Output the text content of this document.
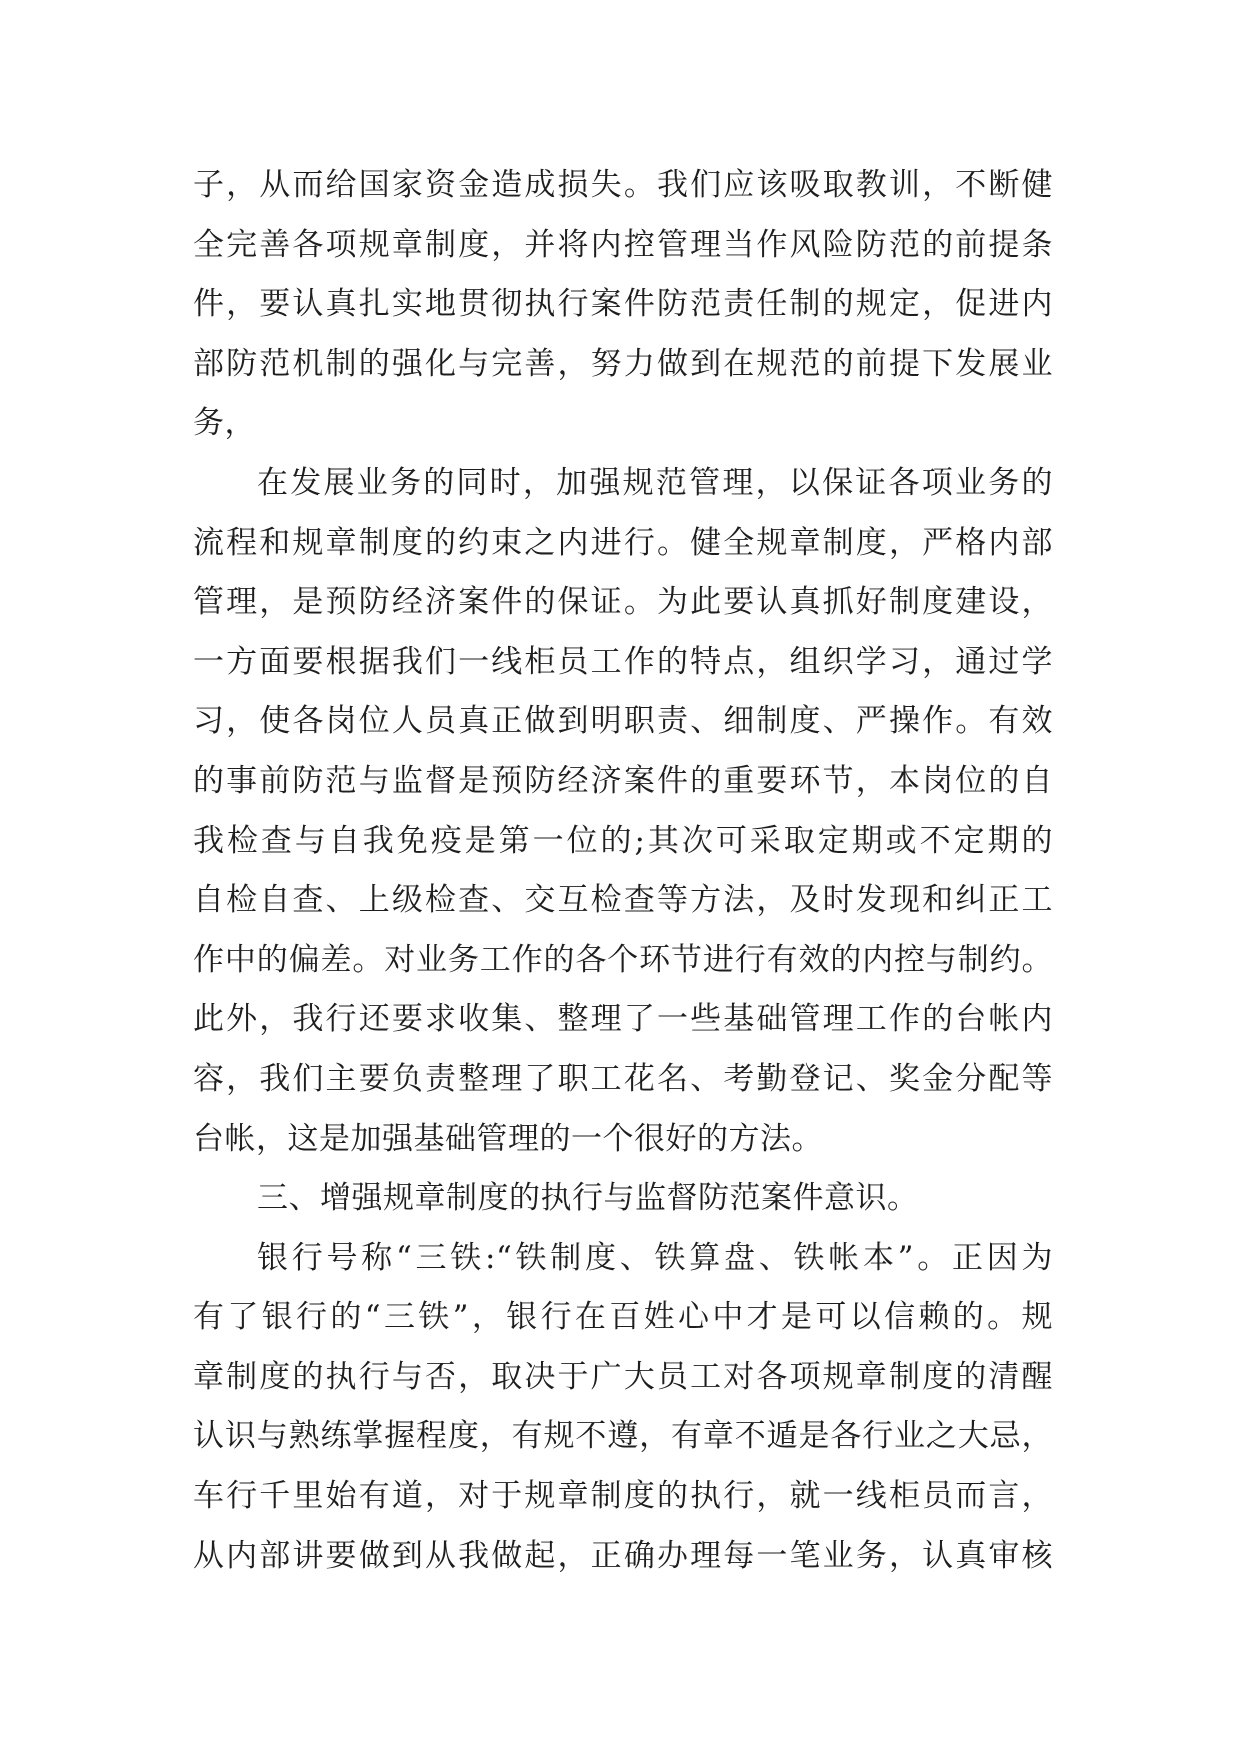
子，从而给国家资金造成损失。我们应该吸取教训，不断健
全完善各项规章制度，并将内控管理当作风险防范的前提条
件，要认真扎实地贯彻执行案件防范责任制的规定，促进内
部防范机制的强化与完善，努力做到在规范的前提下发展业
务，
在发展业务的同时，加强规范管理，以保证各项业务的
流程和规章制度的约束之内进行。健全规章制度，严格内部
管理，是预防经济案件的保证。为此要认真抓好制度建设，
一方面要根据我们一线柜员工作的特点，组织学习，通过学
习，使各岗位人员真正做到明职责、细制度、严操作。有效
的事前防范与监督是预防经济案件的重要环节，本岗位的自
我检查与自我免疫是第一位的;其次可采取定期或不定期的
自检自查、上级检查、交互检查等方法，及时发现和纠正工
作中的偏差。对业务工作的各个环节进行有效的内控与制约。
此外，我行还要求收集、整理了一些基础管理工作的台帐内
容，我们主要负责整理了职工花名、考勤登记、奖金分配等
台帐，这是加强基础管理的一个很好的方法。
三、增强规章制度的执行与监督防范案件意识。
银行号称“三铁:“铁制度、铁算盘、铁帐本”。正因为
有了银行的“三铁”，银行在百姓心中才是可以信赖的。规
章制度的执行与否，取决于广大员工对各项规章制度的清醒
认识与熟练掌握程度，有规不遵，有章不遁是各行业之大忌，
车行千里始有道，对于规章制度的执行，就一线柜员而言，
从内部讲要做到从我做起，正确办理每一笔业务，认真审核
